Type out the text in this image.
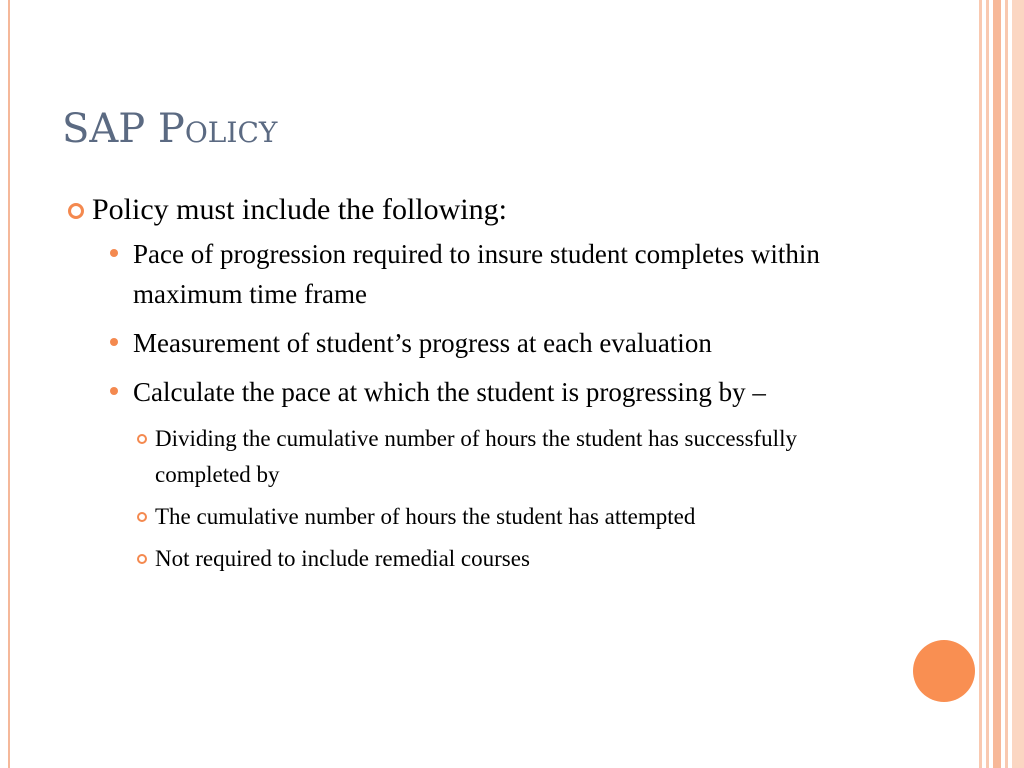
SAP POLICY
Policy must include the following:
Pace of progression required to insure student completes within maximum time frame
Measurement of student’s progress at each evaluation
Calculate the pace at which the student is progressing by –
Dividing the cumulative number of hours the student has successfully completed by
The cumulative number of hours the student has attempted
Not required to include remedial courses
